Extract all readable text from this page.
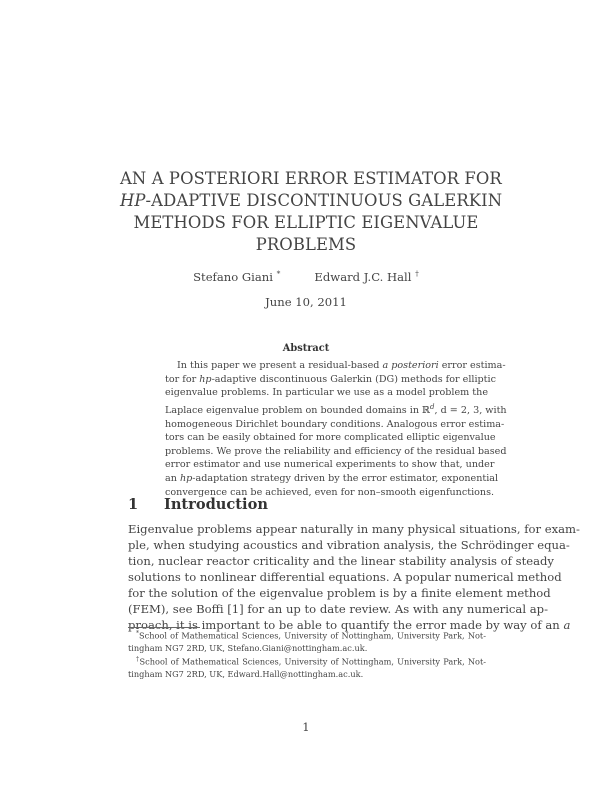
AN A POSTERIORI ERROR ESTIMATOR FOR
HP-ADAPTIVE DISCONTINUOUS GALERKIN
METHODS FOR ELLIPTIC EIGENVALUE
PROBLEMS
Stefano Giani *	Edward J.C. Hall †
June 10, 2011
Abstract
In this paper we present a residual-based a posteriori error estima-
tor for hp-adaptive discontinuous Galerkin (DG) methods for elliptic
eigenvalue problems. In particular we use as a model problem the
Laplace eigenvalue problem on bounded domains in ℝ$^d$, d = 2, 3, with
homogeneous Dirichlet boundary conditions. Analogous error estima-
tors can be easily obtained for more complicated elliptic eigenvalue
problems. We prove the reliability and efficiency of the residual based
error estimator and use numerical experiments to show that, under
an hp-adaptation strategy driven by the error estimator, exponential
convergence can be achieved, even for non–smooth eigenfunctions.
1 Introduction
Eigenvalue problems appear naturally in many physical situations, for exam-
ple, when studying acoustics and vibration analysis, the Schrödinger equa-
tion, nuclear reactor criticality and the linear stability analysis of steady
solutions to nonlinear differential equations. A popular numerical method
for the solution of the eigenvalue problem is by a finite element method
(FEM), see Boffi [1] for an up to date review. As with any numerical ap-
proach, it is important to be able to quantify the error made by way of an a
*School of Mathematical Sciences, University of Nottingham, University Park, Not-
tingham NG7 2RD, UK, Stefano.Giani@nottingham.ac.uk.
†School of Mathematical Sciences, University of Nottingham, University Park, Not-
tingham NG7 2RD, UK, Edward.Hall@nottingham.ac.uk.
1
